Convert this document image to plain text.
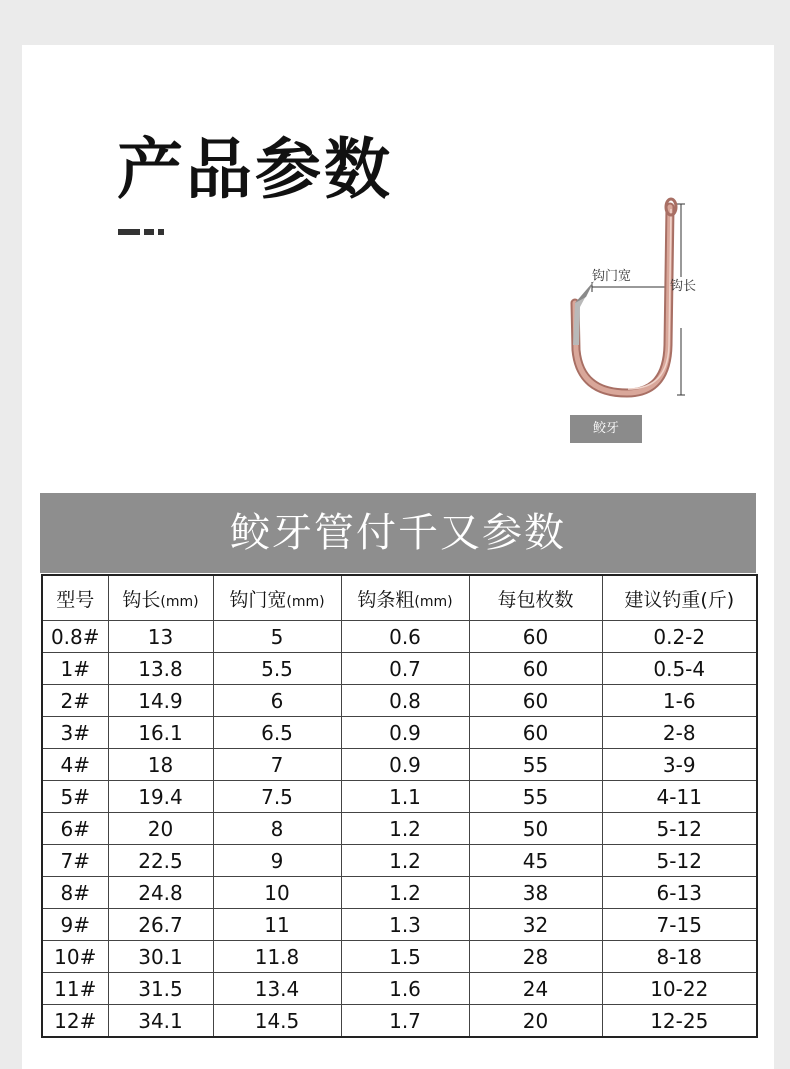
产品参数
钩门宽
钩长
鲛牙
鲛牙管付千又参数
型号	钩长(mm)	钩门宽(mm)	钩条粗(mm)	每包枚数	建议钓重(斤)
0.8#	13	5	0.6	60	0.2-2
1#	13.8	5.5	0.7	60	0.5-4
2#	14.9	6	0.8	60	1-6
3#	16.1	6.5	0.9	60	2-8
4#	18	7	0.9	55	3-9
5#	19.4	7.5	1.1	55	4-11
6#	20	8	1.2	50	5-12
7#	22.5	9	1.2	45	5-12
8#	24.8	10	1.2	38	6-13
9#	26.7	11	1.3	32	7-15
10#	30.1	11.8	1.5	28	8-18
11#	31.5	13.4	1.6	24	10-22
12#	34.1	14.5	1.7	20	12-25
